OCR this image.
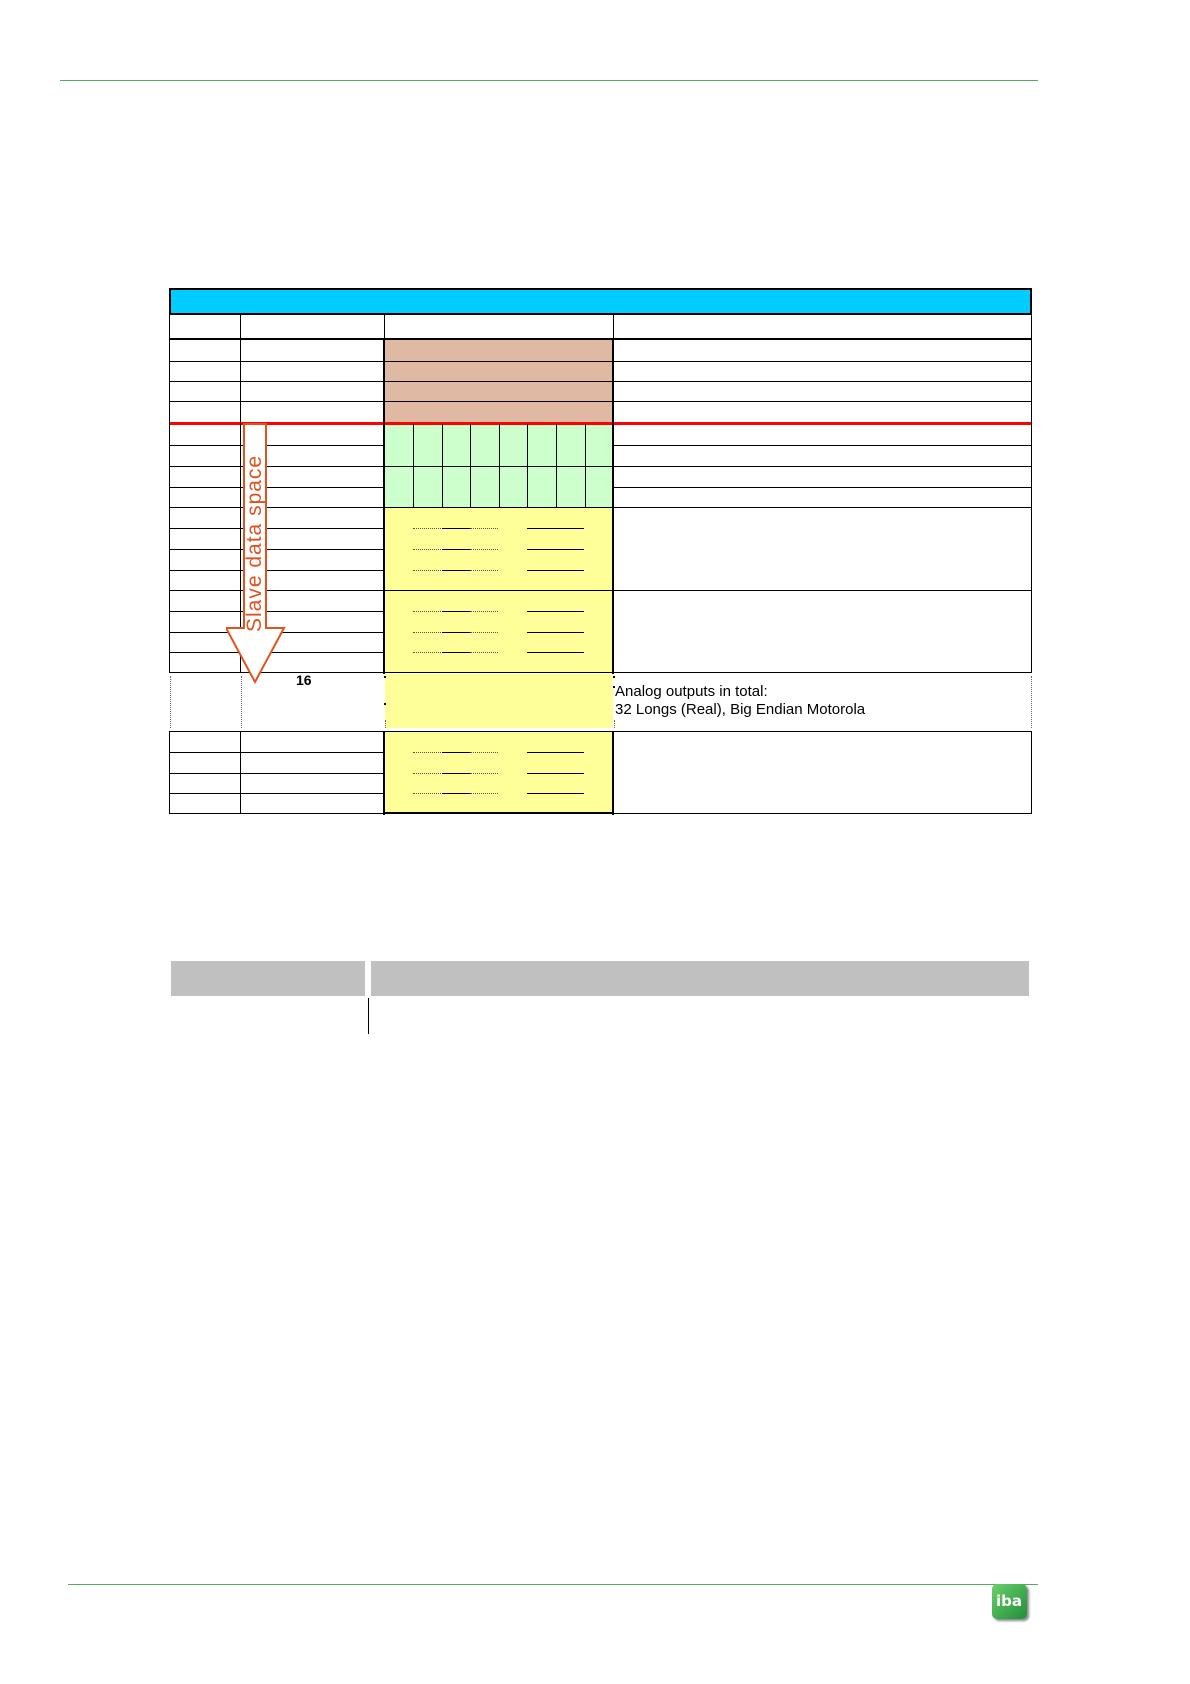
16
Analog outputs in total:
32 Longs (Real), Big Endian Motorola
Slave data space
iba
